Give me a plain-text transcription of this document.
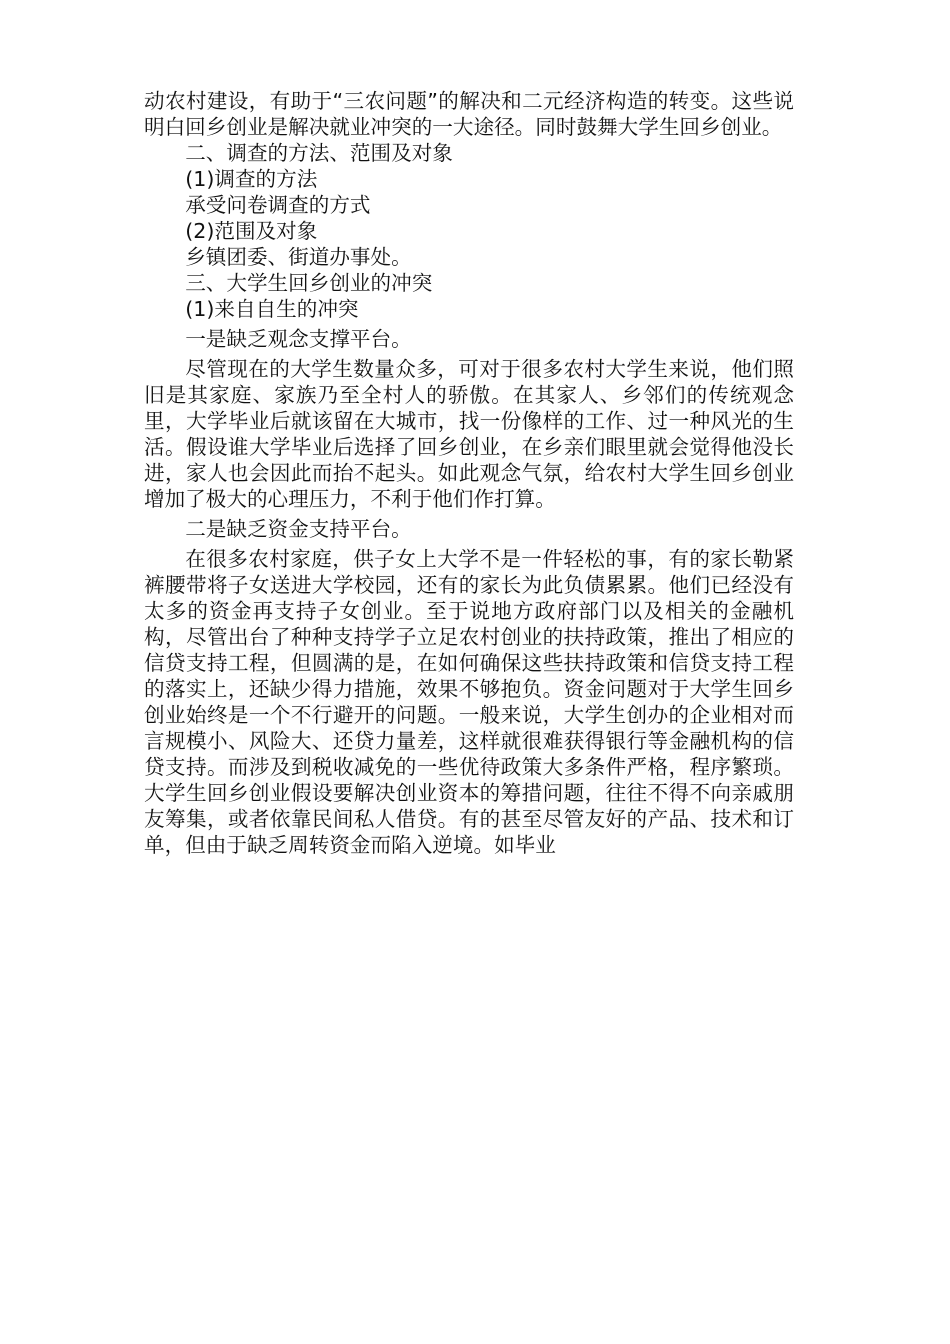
动农村建设，有助于“三农问题”的解决和二元经济构造的转变。这些说明白回乡创业是解决就业冲突的一大途径。同时鼓舞大学生回乡创业。

二、调查的方法、范围及对象

(1)调查的方法

承受问卷调查的方式

(2)范围及对象

乡镇团委、街道办事处。

三、大学生回乡创业的冲突

(1)来自自生的冲突

一是缺乏观念支撑平台。

尽管现在的大学生数量众多，可对于很多农村大学生来说，他们照旧是其家庭、家族乃至全村人的骄傲。在其家人、乡邻们的传统观念里，大学毕业后就该留在大城市，找一份像样的工作、过一种风光的生活。假设谁大学毕业后选择了回乡创业，在乡亲们眼里就会觉得他没长进，家人也会因此而抬不起头。如此观念气氛，给农村大学生回乡创业增加了极大的心理压力，不利于他们作打算。

二是缺乏资金支持平台。

在很多农村家庭，供子女上大学不是一件轻松的事，有的家长勒紧裤腰带将子女送进大学校园，还有的家长为此负债累累。他们已经没有太多的资金再支持子女创业。至于说地方政府部门以及相关的金融机构，尽管出台了种种支持学子立足农村创业的扶持政策，推出了相应的信贷支持工程，但圆满的是，在如何确保这些扶持政策和信贷支持工程的落实上，还缺少得力措施，效果不够抱负。资金问题对于大学生回乡创业始终是一个不行避开的问题。一般来说，大学生创办的企业相对而言规模小、风险大、还贷力量差，这样就很难获得银行等金融机构的信贷支持。而涉及到税收减免的一些优待政策大多条件严格，程序繁琐。大学生回乡创业假设要解决创业资本的筹措问题，往往不得不向亲戚朋友筹集，或者依靠民间私人借贷。有的甚至尽管友好的产品、技术和订单，但由于缺乏周转资金而陷入逆境。如毕业
